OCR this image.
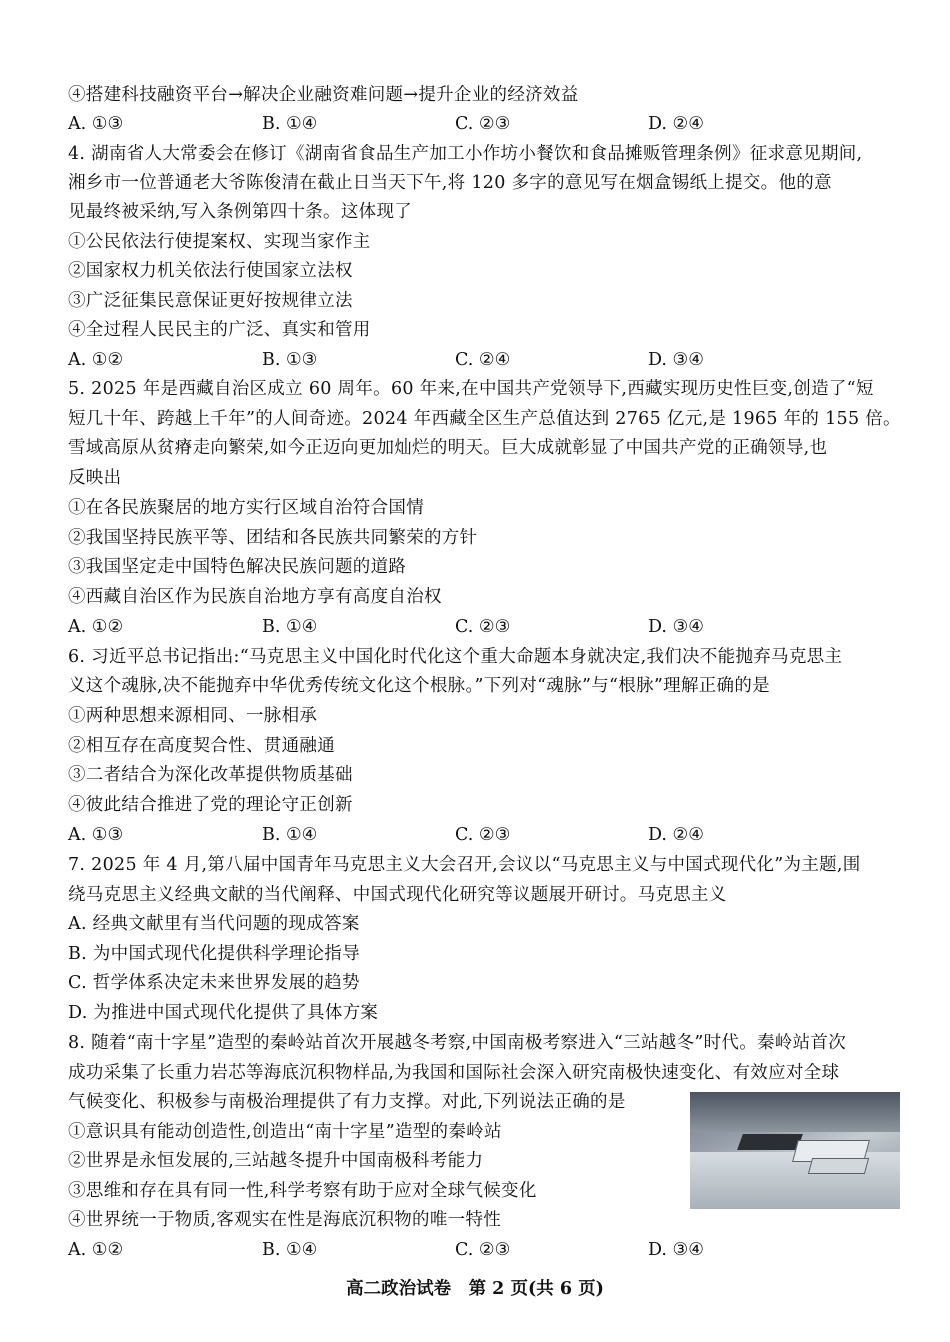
④搭建科技融资平台→解决企业融资难问题→提升企业的经济效益
A. ①③	B. ①④	C. ②③	D. ②④
4. 湖南省人大常委会在修订《湖南省食品生产加工小作坊小餐饮和食品摊贩管理条例》征求意见期间,
湘乡市一位普通老大爷陈俊清在截止日当天下午,将 120 多字的意见写在烟盒锡纸上提交。他的意
见最终被采纳,写入条例第四十条。这体现了
①公民依法行使提案权、实现当家作主
②国家权力机关依法行使国家立法权
③广泛征集民意保证更好按规律立法
④全过程人民民主的广泛、真实和管用
A. ①②	B. ①③	C. ②④	D. ③④
5. 2025 年是西藏自治区成立 60 周年。60 年来,在中国共产党领导下,西藏实现历史性巨变,创造了“短
短几十年、跨越上千年”的人间奇迹。2024 年西藏全区生产总值达到 2765 亿元,是 1965 年的 155 倍。
雪域高原从贫瘠走向繁荣,如今正迈向更加灿烂的明天。巨大成就彰显了中国共产党的正确领导,也
反映出
①在各民族聚居的地方实行区域自治符合国情
②我国坚持民族平等、团结和各民族共同繁荣的方针
③我国坚定走中国特色解决民族问题的道路
④西藏自治区作为民族自治地方享有高度自治权
A. ①②	B. ①④	C. ②③	D. ③④
6. 习近平总书记指出:“马克思主义中国化时代化这个重大命题本身就决定,我们决不能抛弃马克思主
义这个魂脉,决不能抛弃中华优秀传统文化这个根脉。”下列对“魂脉”与“根脉”理解正确的是
①两种思想来源相同、一脉相承
②相互存在高度契合性、贯通融通
③二者结合为深化改革提供物质基础
④彼此结合推进了党的理论守正创新
A. ①③	B. ①④	C. ②③	D. ②④
7. 2025 年 4 月,第八届中国青年马克思主义大会召开,会议以“马克思主义与中国式现代化”为主题,围
绕马克思主义经典文献的当代阐释、中国式现代化研究等议题展开研讨。马克思主义
A. 经典文献里有当代问题的现成答案
B. 为中国式现代化提供科学理论指导
C. 哲学体系决定未来世界发展的趋势
D. 为推进中国式现代化提供了具体方案
8. 随着“南十字星”造型的秦岭站首次开展越冬考察,中国南极考察进入“三站越冬”时代。秦岭站首次
成功采集了长重力岩芯等海底沉积物样品,为我国和国际社会深入研究南极快速变化、有效应对全球
气候变化、积极参与南极治理提供了有力支撑。对此,下列说法正确的是
①意识具有能动创造性,创造出“南十字星”造型的秦岭站
②世界是永恒发展的,三站越冬提升中国南极科考能力
③思维和存在具有同一性,科学考察有助于应对全球气候变化
④世界统一于物质,客观实在性是海底沉积物的唯一特性
A. ①②	B. ①④	C. ②③	D. ③④
高二政治试卷　第 2 页(共 6 页)
